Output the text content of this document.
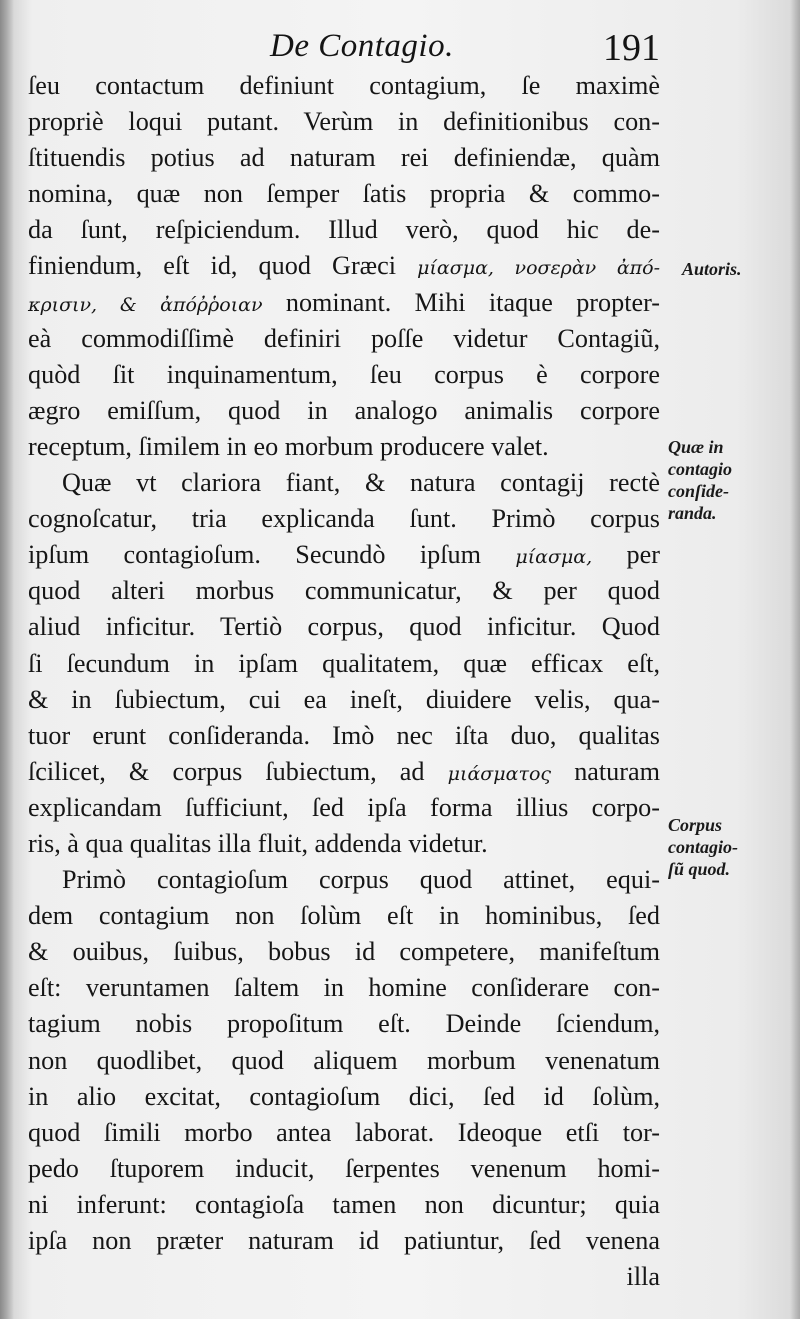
De Contagio.	191
ſeu contactum definiunt contagium, ſe maximè
propriè loqui putant. Verùm in definitionibus con-
ſtituendis potius ad naturam rei definiendæ, quàm
nomina, quæ non ſemper ſatis propria & commo-
da ſunt, reſpiciendum. Illud verò, quod hic de-
finiendum, eſt id, quod Græci μίασμα, νοσερὰν ἀπό-
κρισιν, & ἀπόῤῥοιαν nominant. Mihi itaque propter-
eà commodiſſimè definiri poſſe videtur Contagiũ,
quòd ſit inquinamentum, ſeu corpus è corpore
ægro emiſſum, quod in analogo animalis corpore
receptum, ſimilem in eo morbum producere valet.
Quæ vt clariora fiant, & natura contagij rectè
cognoſcatur, tria explicanda ſunt. Primò corpus
ipſum contagioſum. Secundò ipſum μίασμα, per
quod alteri morbus communicatur, & per quod
aliud inficitur. Tertiò corpus, quod inficitur. Quod
ſi ſecundum in ipſam qualitatem, quæ efficax eſt,
& in ſubiectum, cui ea ineſt, diuidere velis, qua-
tuor erunt conſideranda. Imò nec iſta duo, qualitas
ſcilicet, & corpus ſubiectum, ad μιάσματος naturam
explicandam ſufficiunt, ſed ipſa forma illius corpo-
ris, à qua qualitas illa fluit, addenda videtur.
Primò contagioſum corpus quod attinet, equi-
dem contagium non ſolùm eſt in hominibus, ſed
& ouibus, ſuibus, bobus id competere, manifeſtum
eſt: veruntamen ſaltem in homine conſiderare con-
tagium nobis propoſitum eſt. Deinde ſciendum,
non quodlibet, quod aliquem morbum venenatum
in alio excitat, contagioſum dici, ſed id ſolùm,
quod ſimili morbo antea laborat. Ideoque etſi tor-
pedo ſtuporem inducit, ſerpentes venenum homi-
ni inferunt: contagioſa tamen non dicuntur; quia
ipſa non præter naturam id patiuntur, ſed venena
illa
Autoris.
Quæ in
contagio
conſide-
randa.
Corpus
contagio-
ſũ quod.
